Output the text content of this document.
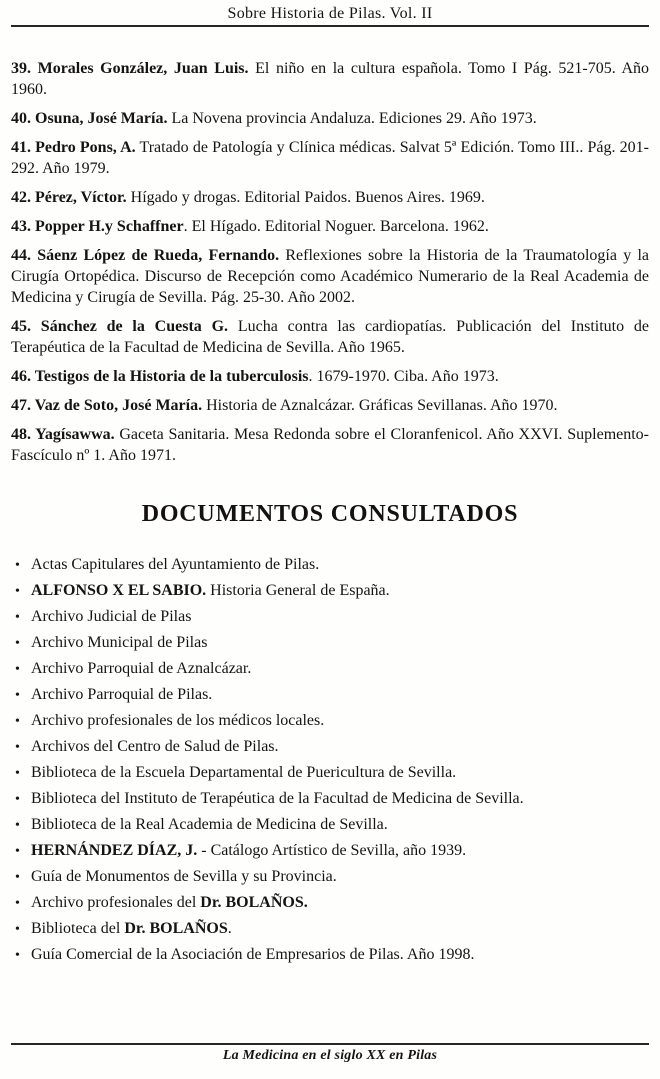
Sobre Historia de Pilas. Vol. II

39. Morales González, Juan Luis. El niño en la cultura española. Tomo I Pág. 521-705. Año 1960.

40. Osuna, José María. La Novena provincia Andaluza. Ediciones 29. Año 1973.

41. Pedro Pons, A. Tratado de Patología y Clínica médicas. Salvat 5ª Edición. Tomo III.. Pág. 201-292. Año 1979.

42. Pérez, Víctor. Hígado y drogas. Editorial Paidos. Buenos Aires. 1969.

43. Popper H.y Schaffner. El Hígado. Editorial Noguer. Barcelona. 1962.

44. Sáenz López de Rueda, Fernando. Reflexiones sobre la Historia de la Traumatología y la Cirugía Ortopédica. Discurso de Recepción como Académico Numerario de la Real Academia de Medicina y Cirugía de Sevilla. Pág. 25-30. Año 2002.

45. Sánchez de la Cuesta G. Lucha contra las cardiopatías. Publicación del Instituto de Terapéutica de la Facultad de Medicina de Sevilla. Año 1965.

46. Testigos de la Historia de la tuberculosis. 1679-1970. Ciba. Año 1973.

47. Vaz de Soto, José María. Historia de Aznalcázar. Gráficas Sevillanas. Año 1970.

48. Yagísawwa. Gaceta Sanitaria. Mesa Redonda sobre el Cloranfenicol. Año XXVI. Suplemento-Fascículo nº 1. Año 1971.

DOCUMENTOS CONSULTADOS
• Actas Capitulares del Ayuntamiento de Pilas.
• ALFONSO X EL SABIO. Historia General de España.
• Archivo Judicial de Pilas
• Archivo Municipal de Pilas
• Archivo Parroquial de Aznalcázar.
• Archivo Parroquial de Pilas.
• Archivo profesionales de los médicos locales.
• Archivos del Centro de Salud de Pilas.
• Biblioteca de la Escuela Departamental de Puericultura de Sevilla.
• Biblioteca del Instituto de Terapéutica de la Facultad de Medicina de Sevilla.
• Biblioteca de la Real Academia de Medicina de Sevilla.
• HERNÁNDEZ DÍAZ, J. - Catálogo Artístico de Sevilla, año 1939.
• Guía de Monumentos de Sevilla y su Provincia.
• Archivo profesionales del Dr. BOLAÑOS.
• Biblioteca del Dr. BOLAÑOS.
• Guía Comercial de la Asociación de Empresarios de Pilas. Año 1998.
La Medicina en el siglo XX en Pilas
